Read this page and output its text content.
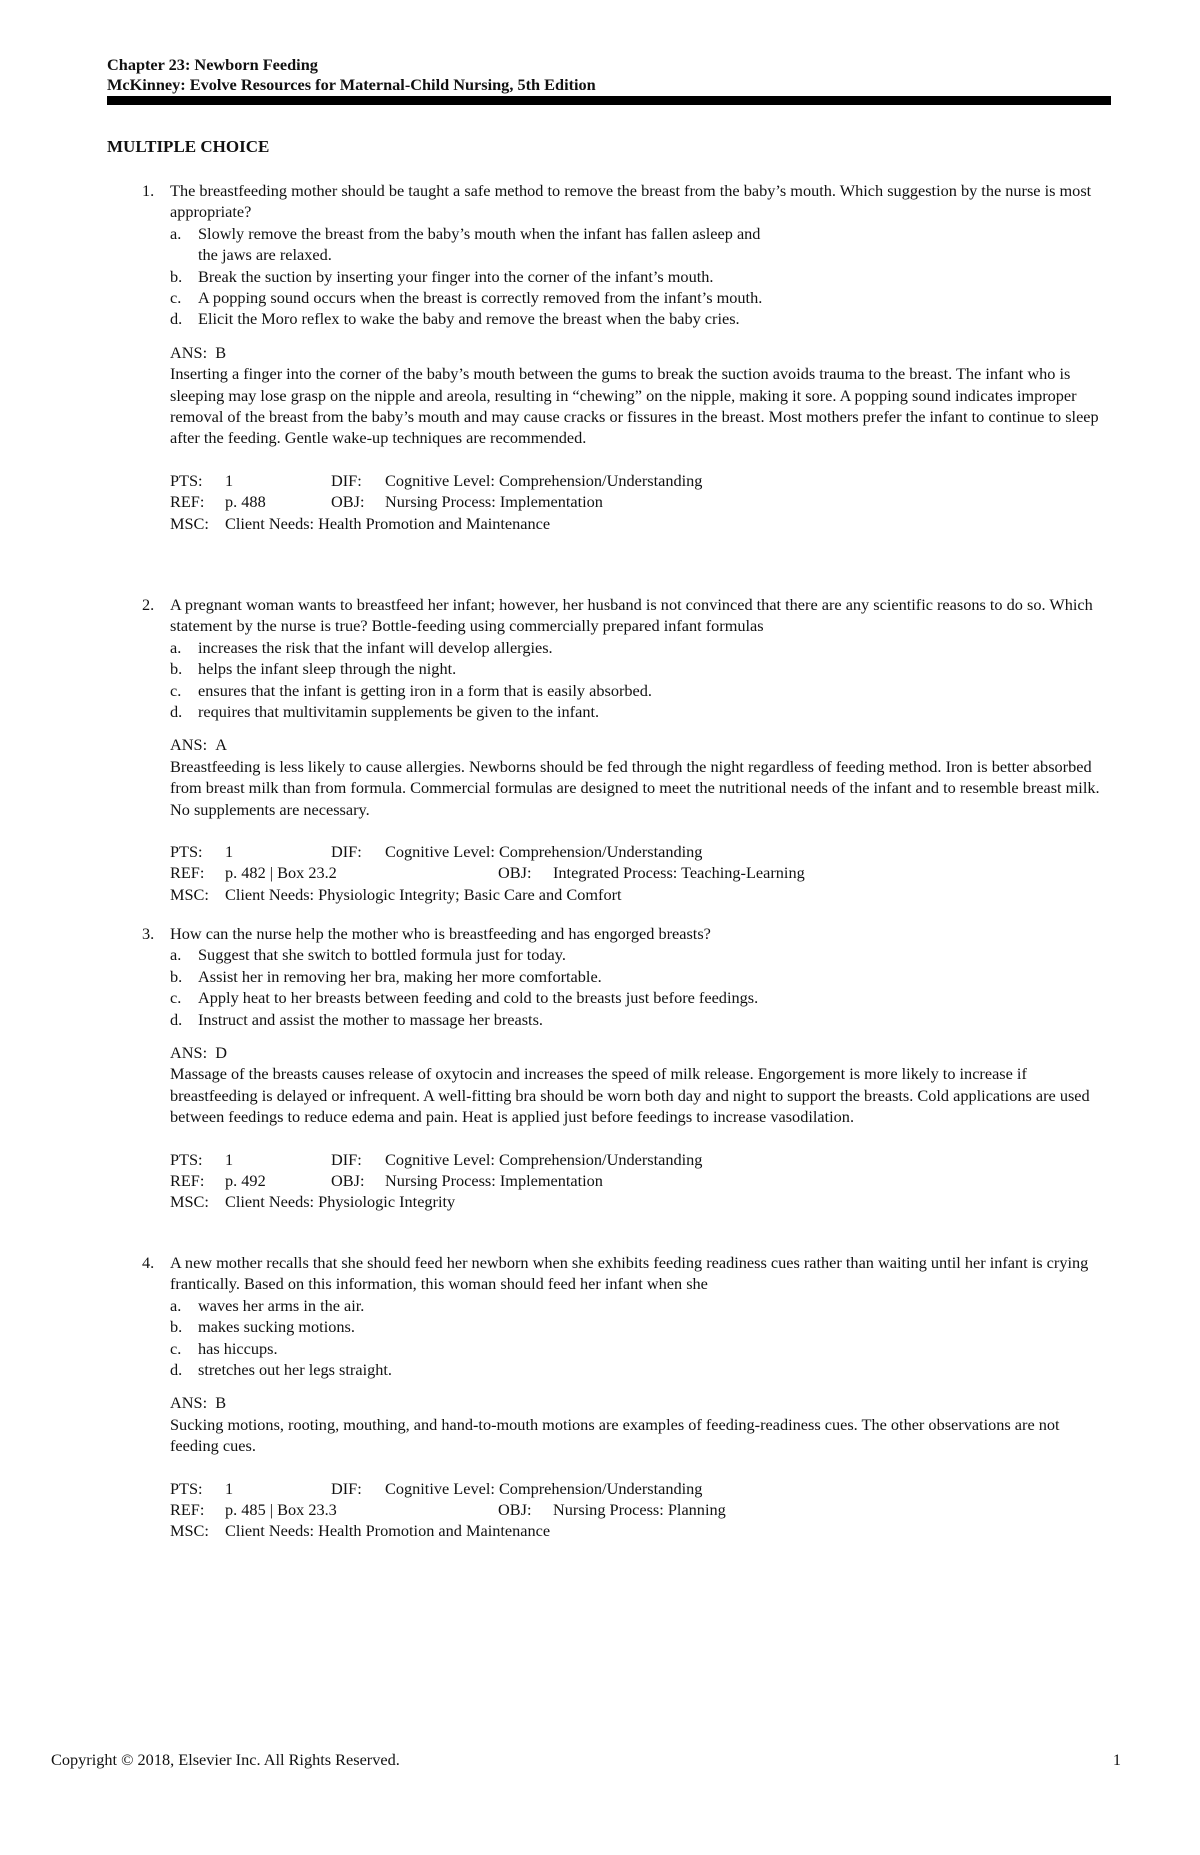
Chapter 23: Newborn Feeding
McKinney: Evolve Resources for Maternal-Child Nursing, 5th Edition
MULTIPLE CHOICE
1. The breastfeeding mother should be taught a safe method to remove the breast from the baby’s mouth. Which suggestion by the nurse is most appropriate?
a. Slowly remove the breast from the baby’s mouth when the infant has fallen asleep and the jaws are relaxed.
b. Break the suction by inserting your finger into the corner of the infant’s mouth.
c. A popping sound occurs when the breast is correctly removed from the infant’s mouth.
d. Elicit the Moro reflex to wake the baby and remove the breast when the baby cries.
ANS: B
Inserting a finger into the corner of the baby’s mouth between the gums to break the suction avoids trauma to the breast. The infant who is sleeping may lose grasp on the nipple and areola, resulting in “chewing” on the nipple, making it sore. A popping sound indicates improper removal of the breast from the baby’s mouth and may cause cracks or fissures in the breast. Most mothers prefer the infant to continue to sleep after the feeding. Gentle wake-up techniques are recommended.
PTS: 1	DIF: Cognitive Level: Comprehension/Understanding
REF: p. 488	OBJ: Nursing Process: Implementation
MSC: Client Needs: Health Promotion and Maintenance
2. A pregnant woman wants to breastfeed her infant; however, her husband is not convinced that there are any scientific reasons to do so. Which statement by the nurse is true? Bottle-feeding using commercially prepared infant formulas
a. increases the risk that the infant will develop allergies.
b. helps the infant sleep through the night.
c. ensures that the infant is getting iron in a form that is easily absorbed.
d. requires that multivitamin supplements be given to the infant.
ANS: A
Breastfeeding is less likely to cause allergies. Newborns should be fed through the night regardless of feeding method. Iron is better absorbed from breast milk than from formula. Commercial formulas are designed to meet the nutritional needs of the infant and to resemble breast milk. No supplements are necessary.
PTS: 1	DIF: Cognitive Level: Comprehension/Understanding
REF: p. 482 | Box 23.2	OBJ: Integrated Process: Teaching-Learning
MSC: Client Needs: Physiologic Integrity; Basic Care and Comfort
3. How can the nurse help the mother who is breastfeeding and has engorged breasts?
a. Suggest that she switch to bottled formula just for today.
b. Assist her in removing her bra, making her more comfortable.
c. Apply heat to her breasts between feeding and cold to the breasts just before feedings.
d. Instruct and assist the mother to massage her breasts.
ANS: D
Massage of the breasts causes release of oxytocin and increases the speed of milk release. Engorgement is more likely to increase if breastfeeding is delayed or infrequent. A well-fitting bra should be worn both day and night to support the breasts. Cold applications are used between feedings to reduce edema and pain. Heat is applied just before feedings to increase vasodilation.
PTS: 1	DIF: Cognitive Level: Comprehension/Understanding
REF: p. 492	OBJ: Nursing Process: Implementation
MSC: Client Needs: Physiologic Integrity
4. A new mother recalls that she should feed her newborn when she exhibits feeding readiness cues rather than waiting until her infant is crying frantically. Based on this information, this woman should feed her infant when she
a. waves her arms in the air.
b. makes sucking motions.
c. has hiccups.
d. stretches out her legs straight.
ANS: B
Sucking motions, rooting, mouthing, and hand-to-mouth motions are examples of feeding-readiness cues. The other observations are not feeding cues.
PTS: 1	DIF: Cognitive Level: Comprehension/Understanding
REF: p. 485 | Box 23.3	OBJ: Nursing Process: Planning
MSC: Client Needs: Health Promotion and Maintenance
Copyright © 2018, Elsevier Inc. All Rights Reserved.	1
